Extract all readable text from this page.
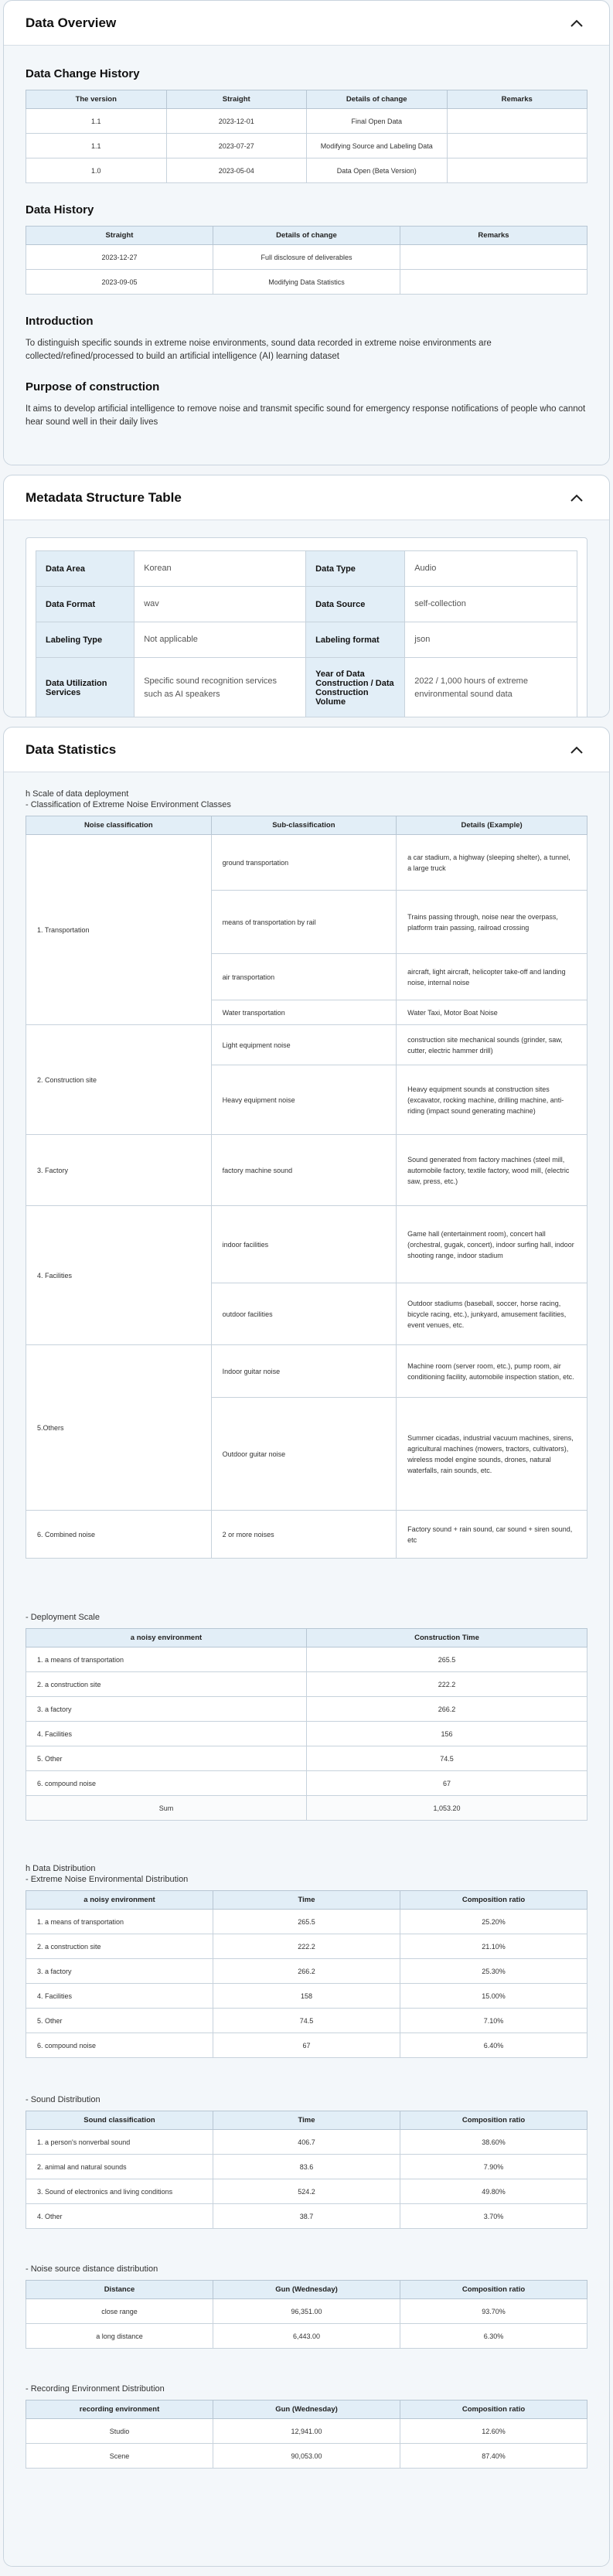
Data Overview
Data Change History
The version	Straight	Details of change	Remarks
1.1	2023-12-01	Final Open Data	
1.1	2023-07-27	Modifying Source and Labeling Data	
1.0	2023-05-04	Data Open (Beta Version)	
Data History
Straight	Details of change	Remarks
2023-12-27	Full disclosure of deliverables	
2023-09-05	Modifying Data Statistics	
Introduction

To distinguish specific sounds in extreme noise environments, sound data recorded in extreme noise environments are collected/refined/processed to build an artificial intelligence (AI) learning dataset

Purpose of construction

It aims to develop artificial intelligence to remove noise and transmit specific sound for emergency response notifications of people who cannot hear sound well in their daily lives

Metadata Structure Table
Data Area	Korean	Data Type	Audio
Data Format	wav	Data Source	self-collection
Labeling Type	Not applicable	Labeling format	json
Data Utilization Services	Specific sound recognition services such as AI speakers	Year of Data Construction / Data Construction Volume	2022 / 1,000 hours of extreme environmental sound data
Data Statistics
h Scale of data deployment
- Classification of Extreme Noise Environment Classes
Noise classification	Sub-classification	Details (Example)
1. Transportation	ground transportation	a car stadium, a highway (sleeping shelter), a tunnel, a large truck
	means of transportation by rail	Trains passing through, noise near the overpass, platform train passing, railroad crossing
	air transportation	aircraft, light aircraft, helicopter take-off and landing noise, internal noise
	Water transportation	Water Taxi, Motor Boat Noise
2. Construction site	Light equipment noise	construction site mechanical sounds (grinder, saw, cutter, electric hammer drill)
	Heavy equipment noise	Heavy equipment sounds at construction sites (excavator, rocking machine, drilling machine, anti-riding (impact sound generating machine)
3. Factory	factory machine sound	Sound generated from factory machines (steel mill, automobile factory, textile factory, wood mill, (electric saw, press, etc.)
4. Facilities	indoor facilities	Game hall (entertainment room), concert hall (orchestral, gugak, concert), indoor surfing hall, indoor shooting range, indoor stadium
	outdoor facilities	Outdoor stadiums (baseball, soccer, horse racing, bicycle racing, etc.), junkyard, amusement facilities, event venues, etc.
5.Others	Indoor guitar noise	Machine room (server room, etc.), pump room, air conditioning facility, automobile inspection station, etc.
	Outdoor guitar noise	Summer cicadas, industrial vacuum machines, sirens, agricultural machines (mowers, tractors, cultivators), wireless model engine sounds, drones, natural waterfalls, rain sounds, etc.
6. Combined noise	2 or more noises	Factory sound + rain sound, car sound + siren sound, etc
- Deployment Scale
a noisy environment	Construction Time
1. a means of transportation	265.5
2. a construction site	222.2
3. a factory	266.2
4. Facilities	156
5. Other	74.5
6. compound noise	67
Sum	1,053.20
h Data Distribution
- Extreme Noise Environmental Distribution
a noisy environment	Time	Composition ratio
1. a means of transportation	265.5	25.20%
2. a construction site	222.2	21.10%
3. a factory	266.2	25.30%
4. Facilities	158	15.00%
5. Other	74.5	7.10%
6. compound noise	67	6.40%
- Sound Distribution
Sound classification	Time	Composition ratio
1. a person's nonverbal sound	406.7	38.60%
2. animal and natural sounds	83.6	7.90%
3. Sound of electronics and living conditions	524.2	49.80%
4. Other	38.7	3.70%
- Noise source distance distribution
Distance	Gun (Wednesday)	Composition ratio
close range	96,351.00	93.70%
a long distance	6,443.00	6.30%
- Recording Environment Distribution
recording environment	Gun (Wednesday)	Composition ratio
Studio	12,941.00	12.60%
Scene	90,053.00	87.40%
